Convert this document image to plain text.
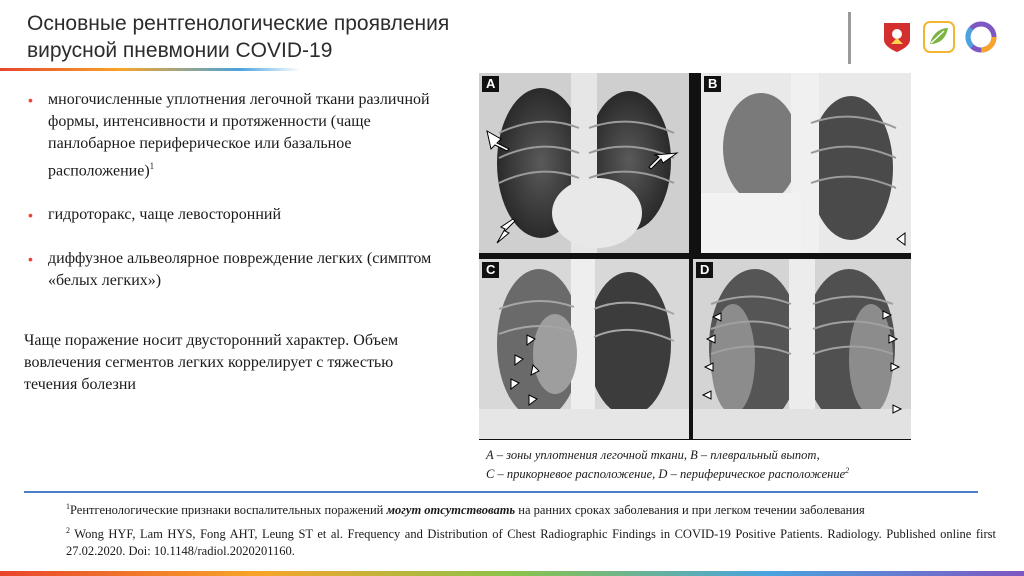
Основные рентгенологические проявления
вирусной пневмонии COVID-19
• многочисленные уплотнения легочной ткани различной формы, интенсивности и протяженности (чаще панлобарное периферическое или базальное расположение)$^1$
• гидроторакс, чаще левосторонний
• диффузное альвеолярное повреждение легких (симптом «белых легких»)
Чаще поражение носит двусторонний характер. Объем вовлечения сегментов легких коррелирует с тяжестью течения болезни
A	B
C	D
А – зоны уплотнения легочной ткани, B – плевральный выпот,
С – прикорневое расположение, D – периферическое расположение$^2$

$^1$Рентгенологические признаки воспалительных поражений могут отсутствовать на ранних сроках заболевания и при легком течении заболевания

$^2$ Wong HYF, Lam HYS, Fong AHT, Leung ST et al. Frequency and Distribution of Chest Radiographic Findings in COVID-19 Positive Patients. Radiology. Published online first 27.02.2020. Doi: 10.1148/radiol.2020201160.
